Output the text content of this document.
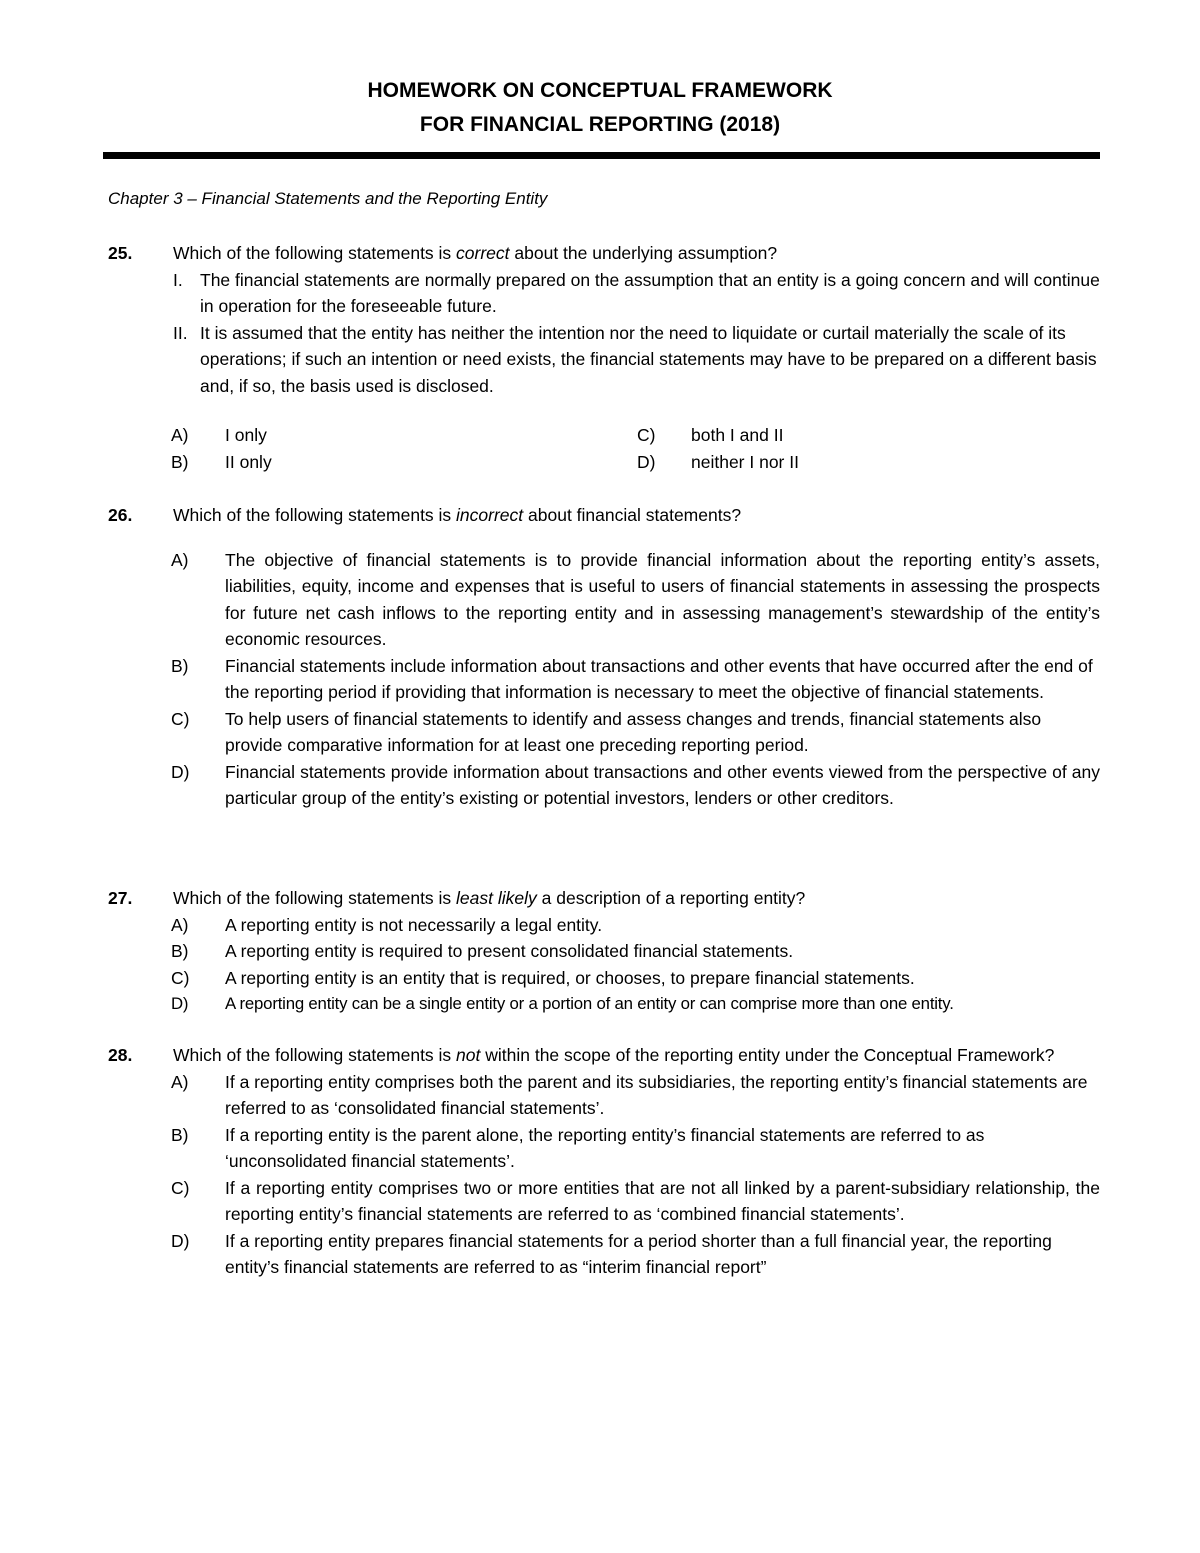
HOMEWORK ON CONCEPTUAL FRAMEWORK
FOR FINANCIAL REPORTING (2018)
Chapter 3 – Financial Statements and the Reporting Entity
25. Which of the following statements is correct about the underlying assumption?
I. The financial statements are normally prepared on the assumption that an entity is a going concern and will continue in operation for the foreseeable future.
II. It is assumed that the entity has neither the intention nor the need to liquidate or curtail materially the scale of its operations; if such an intention or need exists, the financial statements may have to be prepared on a different basis and, if so, the basis used is disclosed.
A) I only
B) II only
C) both I and II
D) neither I nor II
26. Which of the following statements is incorrect about financial statements?
A) The objective of financial statements is to provide financial information about the reporting entity’s assets, liabilities, equity, income and expenses that is useful to users of financial statements in assessing the prospects for future net cash inflows to the reporting entity and in assessing management’s stewardship of the entity’s economic resources.
B) Financial statements include information about transactions and other events that have occurred after the end of the reporting period if providing that information is necessary to meet the objective of financial statements.
C) To help users of financial statements to identify and assess changes and trends, financial statements also provide comparative information for at least one preceding reporting period.
D) Financial statements provide information about transactions and other events viewed from the perspective of any particular group of the entity’s existing or potential investors, lenders or other creditors.
27. Which of the following statements is least likely a description of a reporting entity?
A) A reporting entity is not necessarily a legal entity.
B) A reporting entity is required to present consolidated financial statements.
C) A reporting entity is an entity that is required, or chooses, to prepare financial statements.
D) A reporting entity can be a single entity or a portion of an entity or can comprise more than one entity.
28. Which of the following statements is not within the scope of the reporting entity under the Conceptual Framework?
A) If a reporting entity comprises both the parent and its subsidiaries, the reporting entity’s financial statements are referred to as ‘consolidated financial statements’.
B) If a reporting entity is the parent alone, the reporting entity’s financial statements are referred to as ‘unconsolidated financial statements’.
C) If a reporting entity comprises two or more entities that are not all linked by a parent-subsidiary relationship, the reporting entity’s financial statements are referred to as ‘combined financial statements’.
D) If a reporting entity prepares financial statements for a period shorter than a full financial year, the reporting entity’s financial statements are referred to as “interim financial report”
